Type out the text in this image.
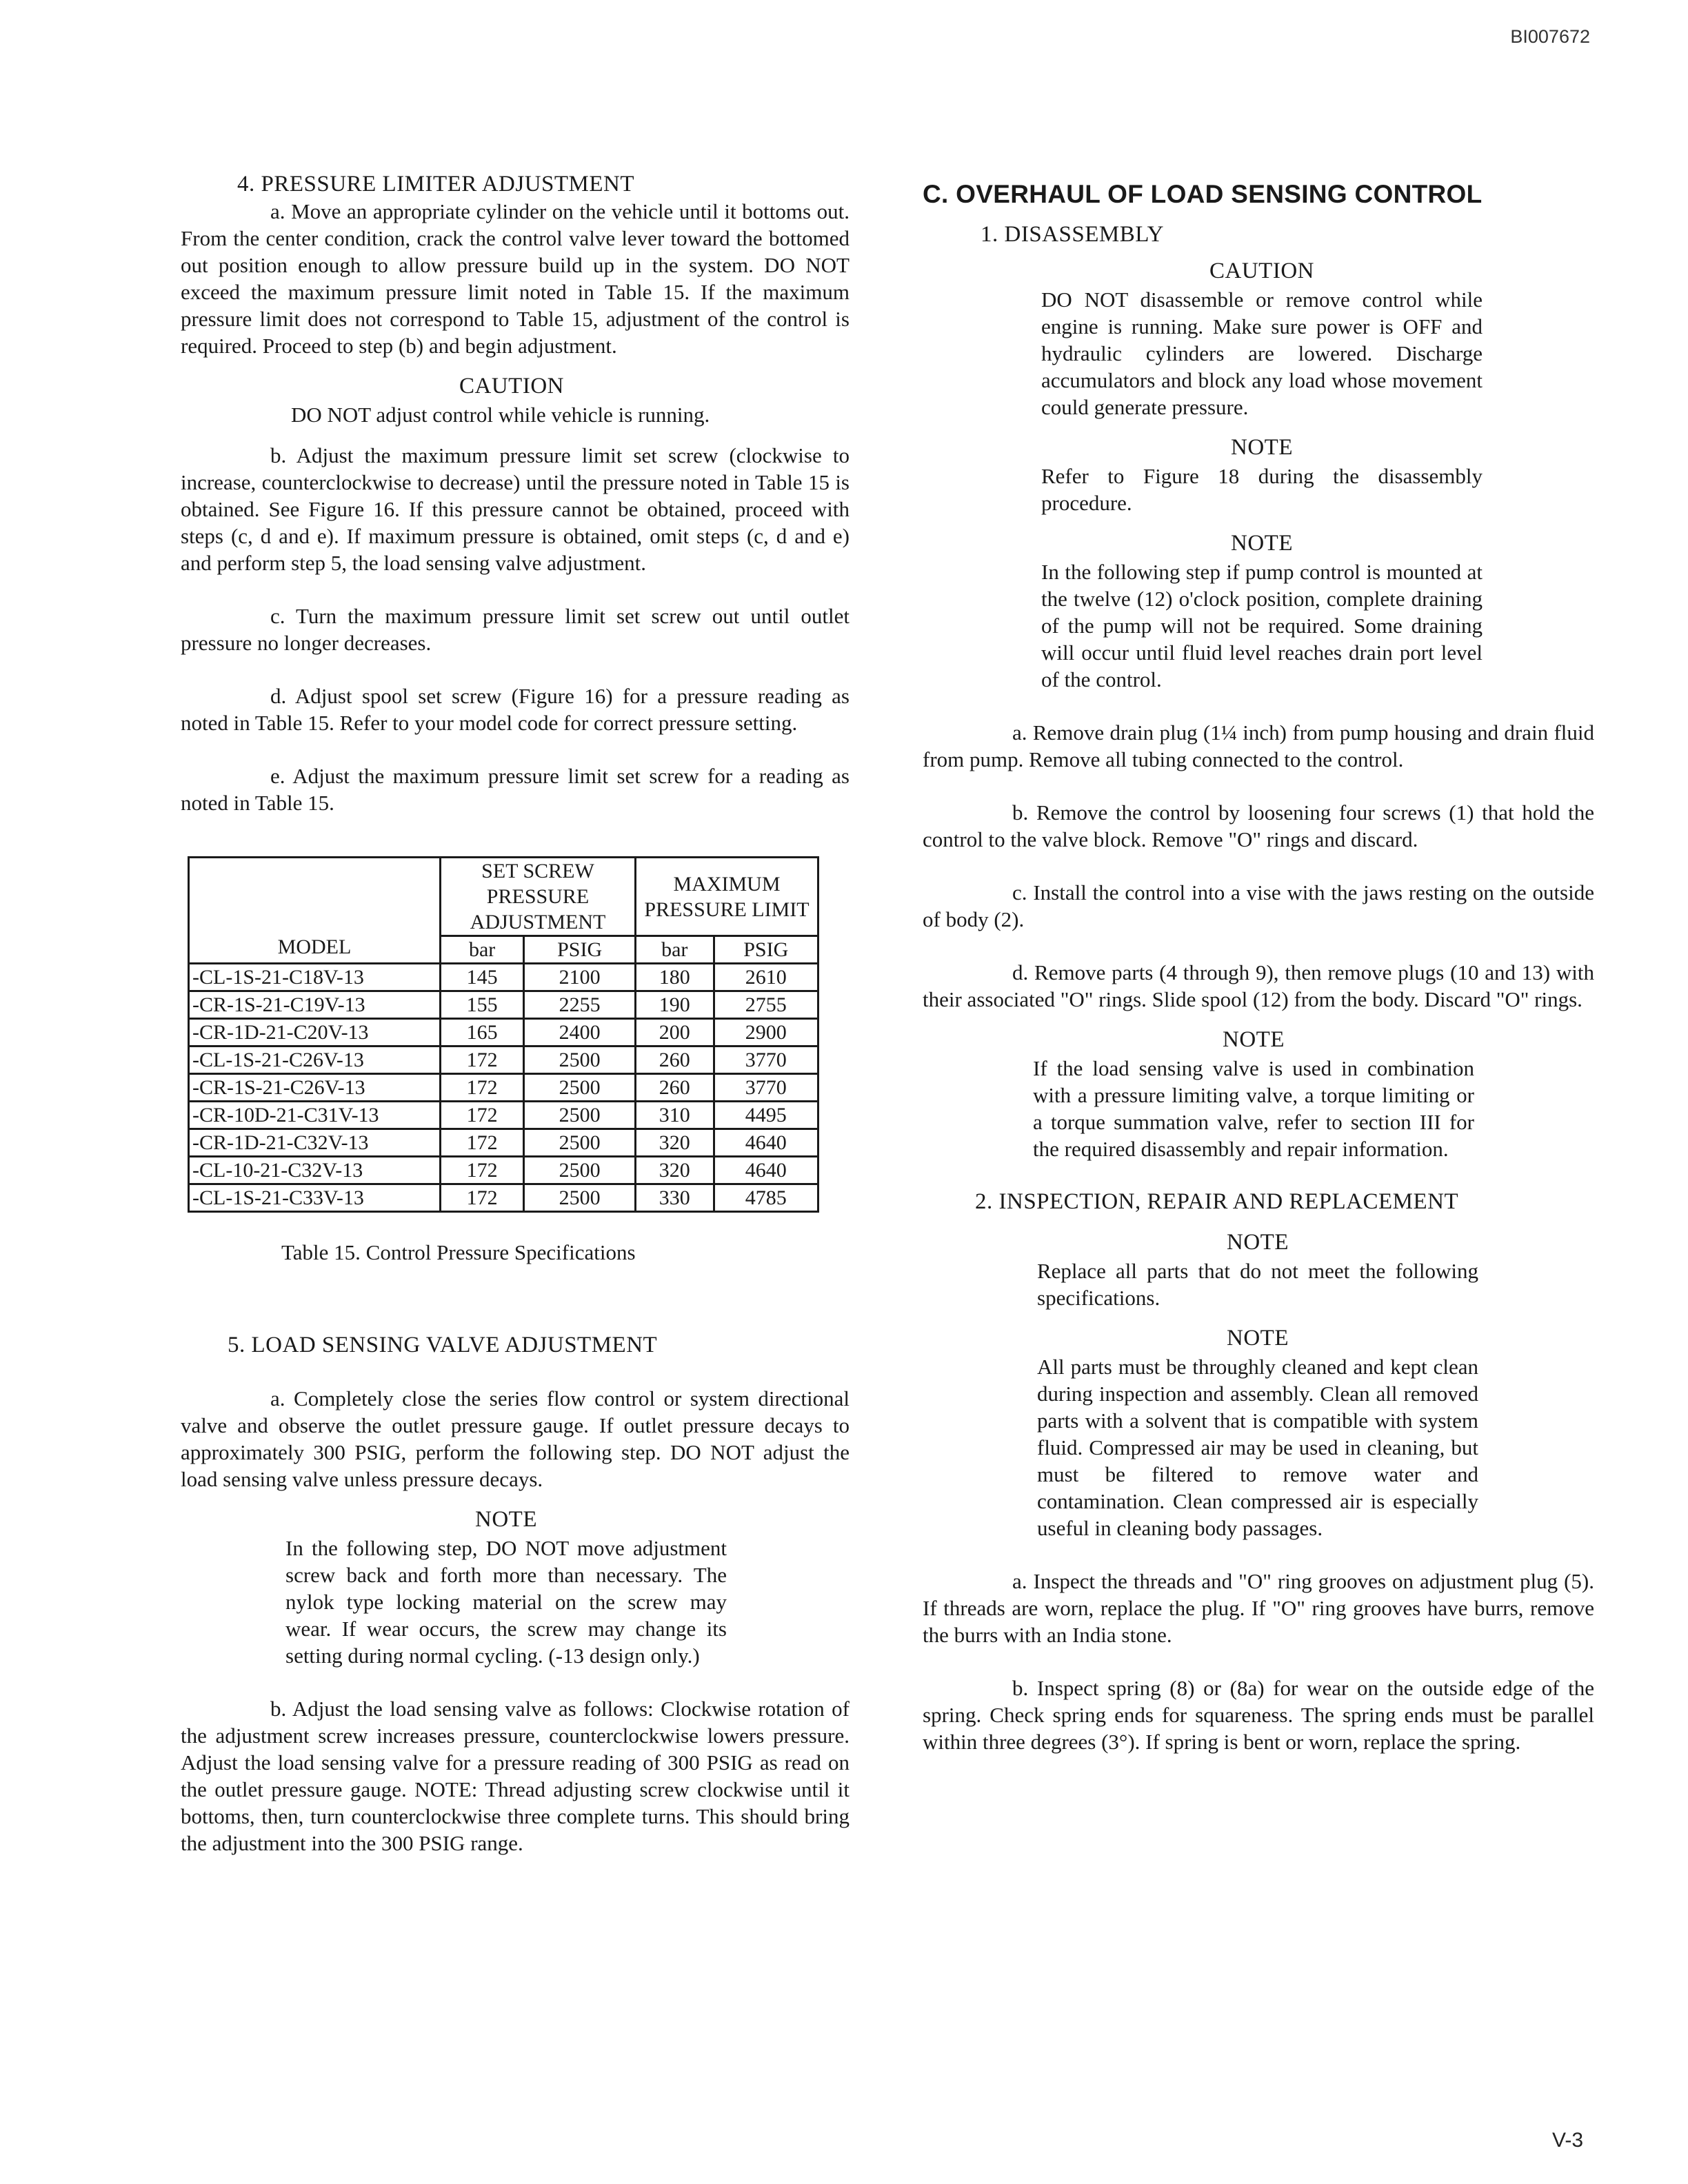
BI007672

4. PRESSURE LIMITER ADJUSTMENT

a. Move an appropriate cylinder on the vehicle until it bottoms out. From the center condition, crack the control valve lever toward the bottomed out position enough to allow pressure build up in the system. DO NOT exceed the maximum pressure limit noted in Table 15. If the maximum pressure limit does not correspond to Table 15, adjustment of the control is required. Proceed to step (b) and begin adjustment.

CAUTION
DO NOT adjust control while vehicle is running.

b. Adjust the maximum pressure limit set screw (clockwise to increase, counterclockwise to decrease) until the pressure noted in Table 15 is obtained. See Figure 16. If this pressure cannot be obtained, proceed with steps (c, d and e). If maximum pressure is obtained, omit steps (c, d and e) and perform step 5, the load sensing valve adjustment.

c. Turn the maximum pressure limit set screw out until outlet pressure no longer decreases.

d. Adjust spool set screw (Figure 16) for a pressure reading as noted in Table 15. Refer to your model code for correct pressure setting.

e. Adjust the maximum pressure limit set screw for a reading as noted in Table 15.

MODEL	SET SCREW PRESSURE ADJUSTMENT		MAXIMUM PRESSURE LIMIT	
	bar	PSIG	bar	PSIG
-CL-1S-21-C18V-13	145	2100	180	2610
-CR-1S-21-C19V-13	155	2255	190	2755
-CR-1D-21-C20V-13	165	2400	200	2900
-CL-1S-21-C26V-13	172	2500	260	3770
-CR-1S-21-C26V-13	172	2500	260	3770
-CR-10D-21-C31V-13	172	2500	310	4495
-CR-1D-21-C32V-13	172	2500	320	4640
-CL-10-21-C32V-13	172	2500	320	4640
-CL-1S-21-C33V-13	172	2500	330	4785
Table 15. Control Pressure Specifications

5. LOAD SENSING VALVE ADJUSTMENT

a. Completely close the series flow control or system directional valve and observe the outlet pressure gauge. If outlet pressure decays to approximately 300 PSIG, perform the following step. DO NOT adjust the load sensing valve unless pressure decays.

NOTE
In the following step, DO NOT move adjustment screw back and forth more than necessary. The nylok type locking material on the screw may wear. If wear occurs, the screw may change its setting during normal cycling. (-13 design only.)

b. Adjust the load sensing valve as follows: Clockwise rotation of the adjustment screw increases pressure, counterclockwise lowers pressure. Adjust the load sensing valve for a pressure reading of 300 PSIG as read on the outlet pressure gauge. NOTE: Thread adjusting screw clockwise until it bottoms, then, turn counterclockwise three complete turns. This should bring the adjustment into the 300 PSIG range.

C. OVERHAUL OF LOAD SENSING CONTROL

1. DISASSEMBLY

CAUTION
DO NOT disassemble or remove control while engine is running. Make sure power is OFF and hydraulic cylinders are lowered. Discharge accumulators and block any load whose movement could generate pressure.
NOTE
Refer to Figure 18 during the disassembly procedure.
NOTE
In the following step if pump control is mounted at the twelve (12) o'clock position, complete draining of the pump will not be required. Some draining will occur until fluid level reaches drain port level of the control.

a. Remove drain plug (1¼ inch) from pump housing and drain fluid from pump. Remove all tubing connected to the control.

b. Remove the control by loosening four screws (1) that hold the control to the valve block. Remove "O" rings and discard.

c. Install the control into a vise with the jaws resting on the outside of body (2).

d. Remove parts (4 through 9), then remove plugs (10 and 13) with their associated "O" rings. Slide spool (12) from the body. Discard "O" rings.

NOTE
If the load sensing valve is used in combination with a pressure limiting valve, a torque limiting or a torque summation valve, refer to section III for the required disassembly and repair information.

2. INSPECTION, REPAIR AND REPLACEMENT

NOTE
Replace all parts that do not meet the following specifications.
NOTE
All parts must be throughly cleaned and kept clean during inspection and assembly. Clean all removed parts with a solvent that is compatible with system fluid. Compressed air may be used in cleaning, but must be filtered to remove water and contamination. Clean compressed air is especially useful in cleaning body passages.

a. Inspect the threads and "O" ring grooves on adjustment plug (5). If threads are worn, replace the plug. If "O" ring grooves have burrs, remove the burrs with an India stone.

b. Inspect spring (8) or (8a) for wear on the outside edge of the spring. Check spring ends for squareness. The spring ends must be parallel within three degrees (3°). If spring is bent or worn, replace the spring.

V-3
